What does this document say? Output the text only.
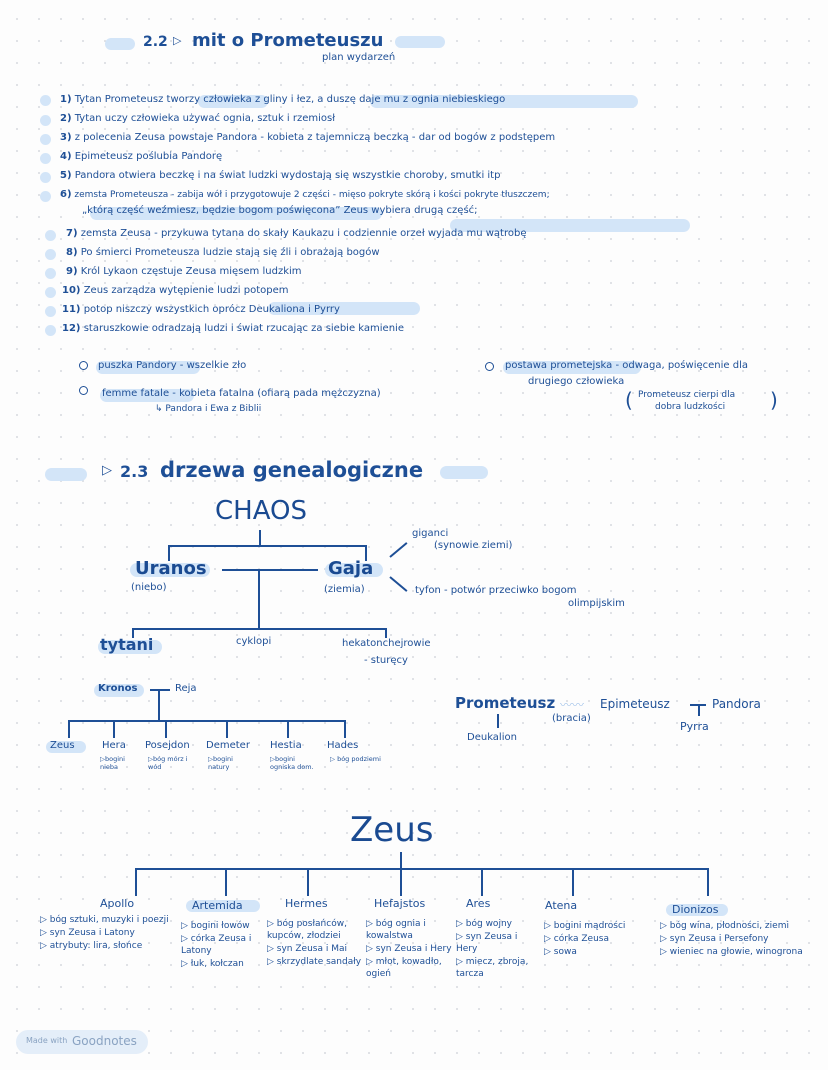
2.2 ▷ mit o Prometeuszu
plan wydarzeń
1) Tytan Prometeusz tworzy człowieka z gliny i łez, a duszę daje mu z ognia niebieskiego
2) Tytan uczy człowieka używać ognia, sztuk i rzemiosł
3) z polecenia Zeusa powstaje Pandora - kobieta z tajemniczą beczką - dar od bogów z podstępem
4) Epimeteusz poślubia Pandorę
5) Pandora otwiera beczkę i na świat ludzki wydostają się wszystkie choroby, smutki itp
6) zemsta Prometeusza - zabija wół i przygotowuje 2 części - mięso pokryte skórą i kości pokryte tłuszczem;
„którą część weźmiesz, będzie bogom poświęcona” Zeus wybiera drugą część;
7) zemsta Zeusa - przykuwa tytana do skały Kaukazu i codziennie orzeł wyjada mu wątrobę
8) Po śmierci Prometeusza ludzie stają się źli i obrażają bogów
9) Król Lykaon częstuje Zeusa mięsem ludzkim
10) Zeus zarządza wytępienie ludzi potopem
11) potop niszczy wszystkich oprócz Deukaliona i Pyrry
12) staruszkowie odradzają ludzi i świat rzucając za siebie kamienie
puszka Pandory - wszelkie zło
femme fatale - kobieta fatalna (ofiarą pada mężczyzna)
↳ Pandora i Ewa z Biblii
postawa prometejska - odwaga, poświęcenie dla
drugiego człowieka
( Prometeusz cierpi dla
dobra ludzkości )
▷ 2.3 drzewa genealogiczne
CHAOS
Uranos
(niebo)
Gaja
(ziemia)
giganci
(synowie ziemi)
tyfon - potwór przeciwko bogom
olimpijskim
tytani	cyklopi	hekatonchejrowie
- sturęcy
Kronos	Reja
Zeus	Hera
▷bogini nieba
Posejdon
▷bóg mórz i wód
Demeter
▷bogini natury
Hestia
▷bogini ogniska dom.
Hades
▷ bóg podziemi
Prometeusz 〰〰
(bracia)
Epimeteusz	Pandora
Deukalion
Pyrra
Zeus
Apollo	Artemida	Hermes	Hefajstos	Ares	Atena	Dionizos
▷ bóg sztuki, muzyki i poezji
▷ syn Zeusa i Latony
▷ atrybuty: lira, słońce
▷ bogini łowów
▷ córka Zeusa i Latony
▷ łuk, kołczan
▷ bóg posłańców, kupców, złodziei
▷ syn Zeusa i Mai
▷ skrzydlate sandały
▷ bóg ognia i kowalstwa
▷ syn Zeusa i Hery
▷ młot, kowadło, ogień
▷ bóg wojny
▷ syn Zeusa i Hery
▷ miecz, zbroja, tarcza
▷ bogini mądrości
▷ córka Zeusa
▷ sowa
▷ bóg wina, płodności, ziemi
▷ syn Zeusa i Persefony
▷ wieniec na głowie, winogrona
Made with Goodnotes
